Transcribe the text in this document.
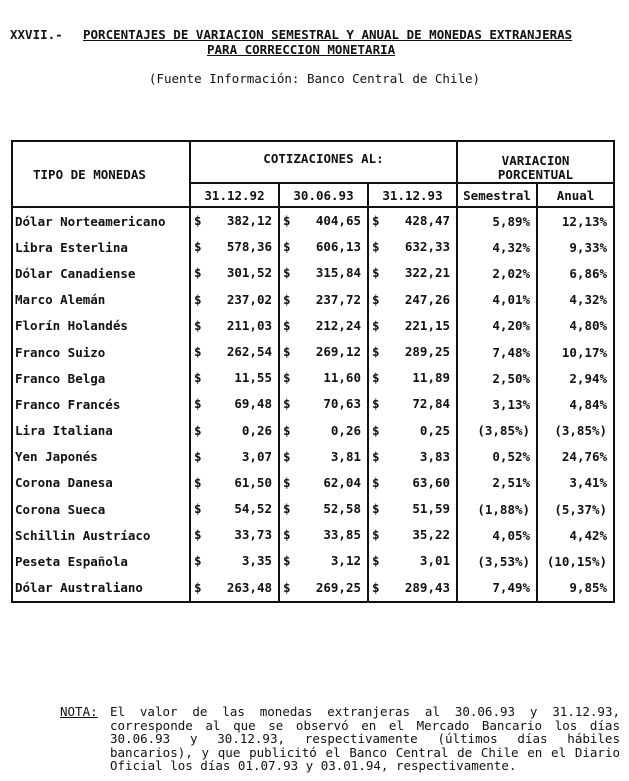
XXVII.- PORCENTAJES DE VARIACION SEMESTRAL Y ANUAL DE MONEDAS EXTRANJERAS
PARA CORRECCION MONETARIA
(Fuente Información: Banco Central de Chile)
TIPO DE MONEDAS	COTIZACIONES AL:			VARIACION
PORCENTUAL	
	31.12.92	30.06.93	31.12.93	Semestral	Anual
Dólar Norteamericano	$ 382,12	$ 404,65	$ 428,47	5,89%	12,13%
Libra Esterlina	$ 578,36	$ 606,13	$ 632,33	4,32%	9,33%
Dólar Canadiense	$ 301,52	$ 315,84	$ 322,21	2,02%	6,86%
Marco Alemán	$ 237,02	$ 237,72	$ 247,26	4,01%	4,32%
Florín Holandés	$ 211,03	$ 212,24	$ 221,15	4,20%	4,80%
Franco Suizo	$ 262,54	$ 269,12	$ 289,25	7,48%	10,17%
Franco Belga	$ 11,55	$ 11,60	$ 11,89	2,50%	2,94%
Franco Francés	$ 69,48	$ 70,63	$ 72,84	3,13%	4,84%
Lira Italiana	$ 0,26	$ 0,26	$ 0,25	(3,85%)	(3,85%)
Yen Japonés	$ 3,07	$ 3,81	$ 3,83	0,52%	24,76%
Corona Danesa	$ 61,50	$ 62,04	$ 63,60	2,51%	3,41%
Corona Sueca	$ 54,52	$ 52,58	$ 51,59	(1,88%)	(5,37%)
Schillin Austríaco	$ 33,73	$ 33,85	$ 35,22	4,05%	4,42%
Peseta Española	$ 3,35	$ 3,12	$ 3,01	(3,53%)	(10,15%)
Dólar Australiano	$ 263,48	$ 269,25	$ 289,43	7,49%	9,85%
NOTA: El valor de las monedas extranjeras al 30.06.93 y 31.12.93, corresponde al que se observó en el Mercado Bancario los días 30.06.93 y 30.12.93, respectivamente (últimos días hábiles bancarios), y que publicitó el Banco Central de Chile en el Diario Oficial los días 01.07.93 y 03.01.94, respectivamente.
